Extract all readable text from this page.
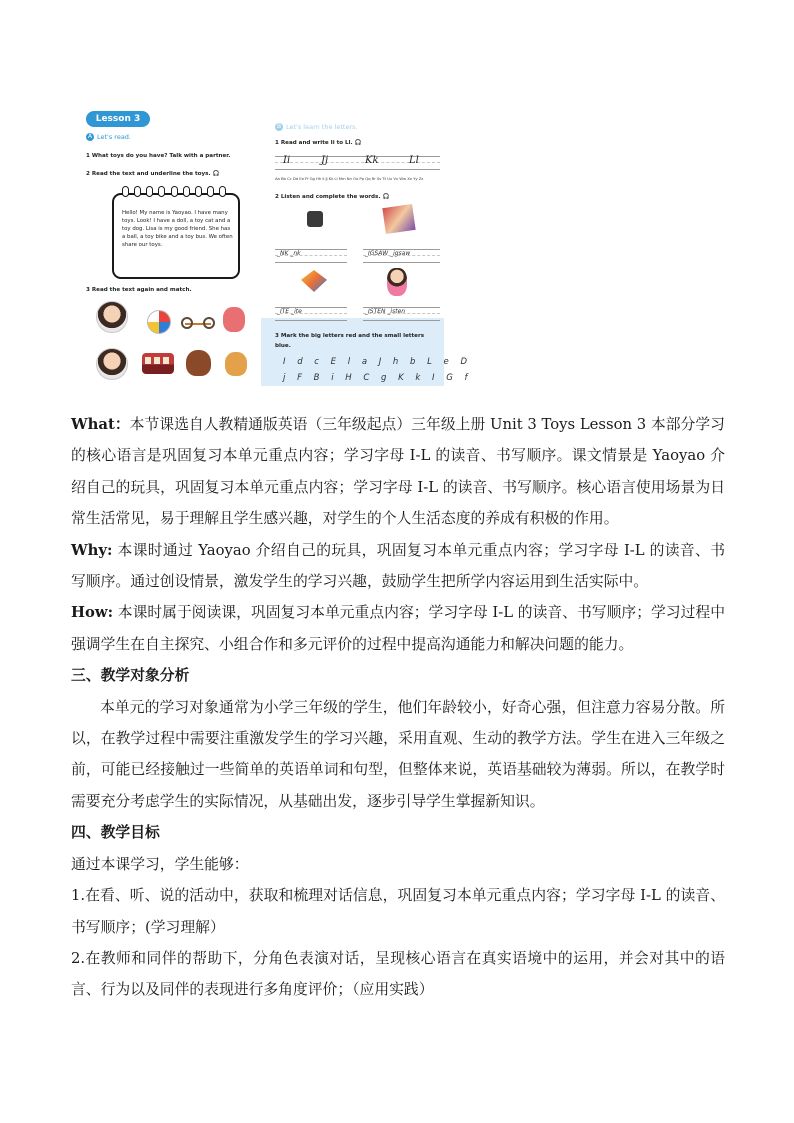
Lesson 3
A Let's read.
1 What toys do you have? Talk with a partner.
2 Read the text and underline the toys. 🎧
Hello! My name is Yaoyao. I have many toys. Look! I have a doll, a toy cat and a toy dog. Lisa is my good friend. She has a ball, a toy bike and a toy bus. We often share our toys.
3 Read the text again and match.
B Let's learn the letters.
1 Read and write Ii to Ll. 🎧
Ii	Jj	Kk	Ll
Aa Bb Cc Dd Ee Ff Gg Hh Ii Jj Kk Ll Mm Nn Oo Pp Qq Rr Ss Tt Uu Vv Ww Xx Yy Zz
2 Listen and complete the words. 🎧
_NK _nk	_IGSAW _igsaw
_ITE _ite	_ISTEN _isten
3 Mark the big letters red and the small letters
blue.
I d c E l a J h b L e D
j F B i H C g K k I G f

What：本节课选自人教精通版英语（三年级起点）三年级上册 Unit 3 Toys Lesson 3 本部分学习的核心语言是巩固复习本单元重点内容；学习字母 I-L 的读音、书写顺序。课文情景是 Yaoyao 介绍自己的玩具，巩固复习本单元重点内容；学习字母 I-L 的读音、书写顺序。核心语言使用场景为日常生活常见，易于理解且学生感兴趣，对学生的个人生活态度的养成有积极的作用。

Why: 本课时通过 Yaoyao 介绍自己的玩具，巩固复习本单元重点内容；学习字母 I-L 的读音、书写顺序。通过创设情景，激发学生的学习兴趣，鼓励学生把所学内容运用到生活实际中。

How: 本课时属于阅读课，巩固复习本单元重点内容；学习字母 I-L 的读音、书写顺序；学习过程中强调学生在自主探究、小组合作和多元评价的过程中提高沟通能力和解决问题的能力。

三、教学对象分析

本单元的学习对象通常为小学三年级的学生，他们年龄较小，好奇心强，但注意力容易分散。所以，在教学过程中需要注重激发学生的学习兴趣，采用直观、生动的教学方法。学生在进入三年级之前，可能已经接触过一些简单的英语单词和句型，但整体来说，英语基础较为薄弱。所以，在教学时需要充分考虑学生的实际情况，从基础出发，逐步引导学生掌握新知识。

四、教学目标

通过本课学习，学生能够：

1.在看、听、说的活动中，获取和梳理对话信息，巩固复习本单元重点内容；学习字母 I-L 的读音、书写顺序；(学习理解）

2.在教师和同伴的帮助下，分角色表演对话，呈现核心语言在真实语境中的运用，并会对其中的语言、行为以及同伴的表现进行多角度评价；（应用实践）
